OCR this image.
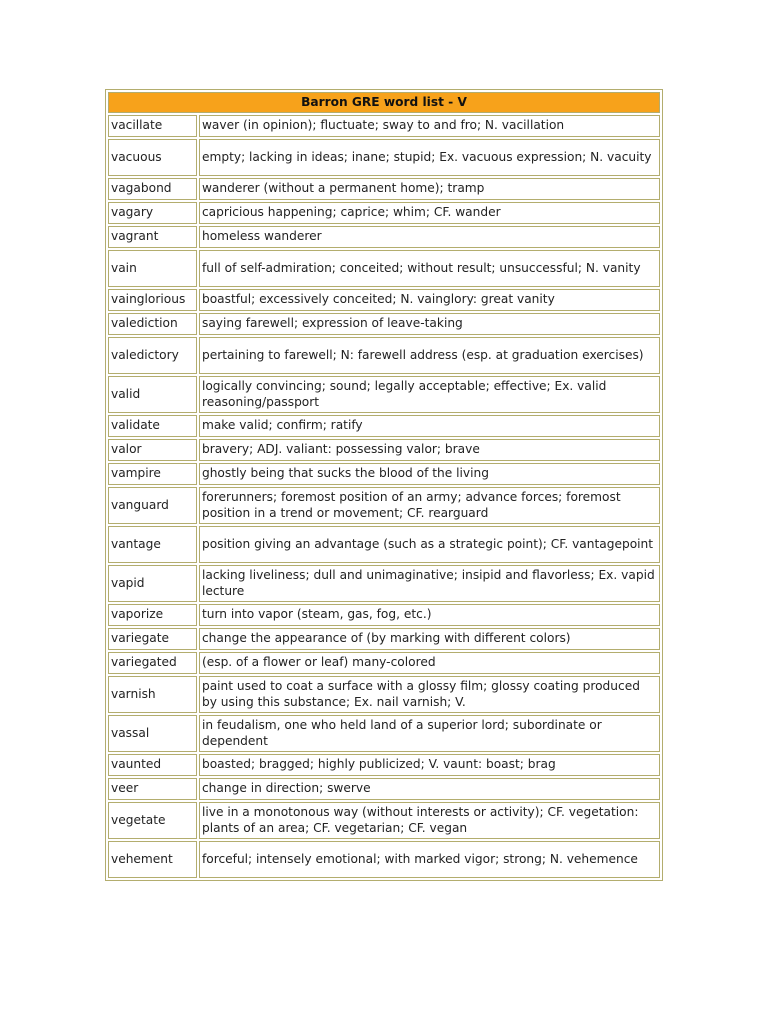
Barron GRE word list - V	
vacillate	waver (in opinion); fluctuate; sway to and fro; N. vacillation
vacuous	empty; lacking in ideas; inane; stupid; Ex. vacuous expression; N. vacuity
vagabond	wanderer (without a permanent home); tramp
vagary	capricious happening; caprice; whim; CF. wander
vagrant	homeless wanderer
vain	full of self-admiration; conceited; without result; unsuccessful; N. vanity
vainglorious	boastful; excessively conceited; N. vainglory: great vanity
valediction	saying farewell; expression of leave-taking
valedictory	pertaining to farewell; N: farewell address (esp. at graduation exercises)
valid	logically convincing; sound; legally acceptable; effective; Ex. valid reasoning/passport
validate	make valid; confirm; ratify
valor	bravery; ADJ. valiant: possessing valor; brave
vampire	ghostly being that sucks the blood of the living
vanguard	forerunners; foremost position of an army; advance forces; foremost position in a trend or movement; CF. rearguard
vantage	position giving an advantage (such as a strategic point); CF. vantagepoint
vapid	lacking liveliness; dull and unimaginative; insipid and flavorless; Ex. vapid lecture
vaporize	turn into vapor (steam, gas, fog, etc.)
variegate	change the appearance of (by marking with different colors)
variegated	(esp. of a flower or leaf) many-colored
varnish	paint used to coat a surface with a glossy film; glossy coating produced by using this substance; Ex. nail varnish; V.
vassal	in feudalism, one who held land of a superior lord; subordinate or dependent
vaunted	boasted; bragged; highly publicized; V. vaunt: boast; brag
veer	change in direction; swerve
vegetate	live in a monotonous way (without interests or activity); CF. vegetation: plants of an area; CF. vegetarian; CF. vegan
vehement	forceful; intensely emotional; with marked vigor; strong; N. vehemence
